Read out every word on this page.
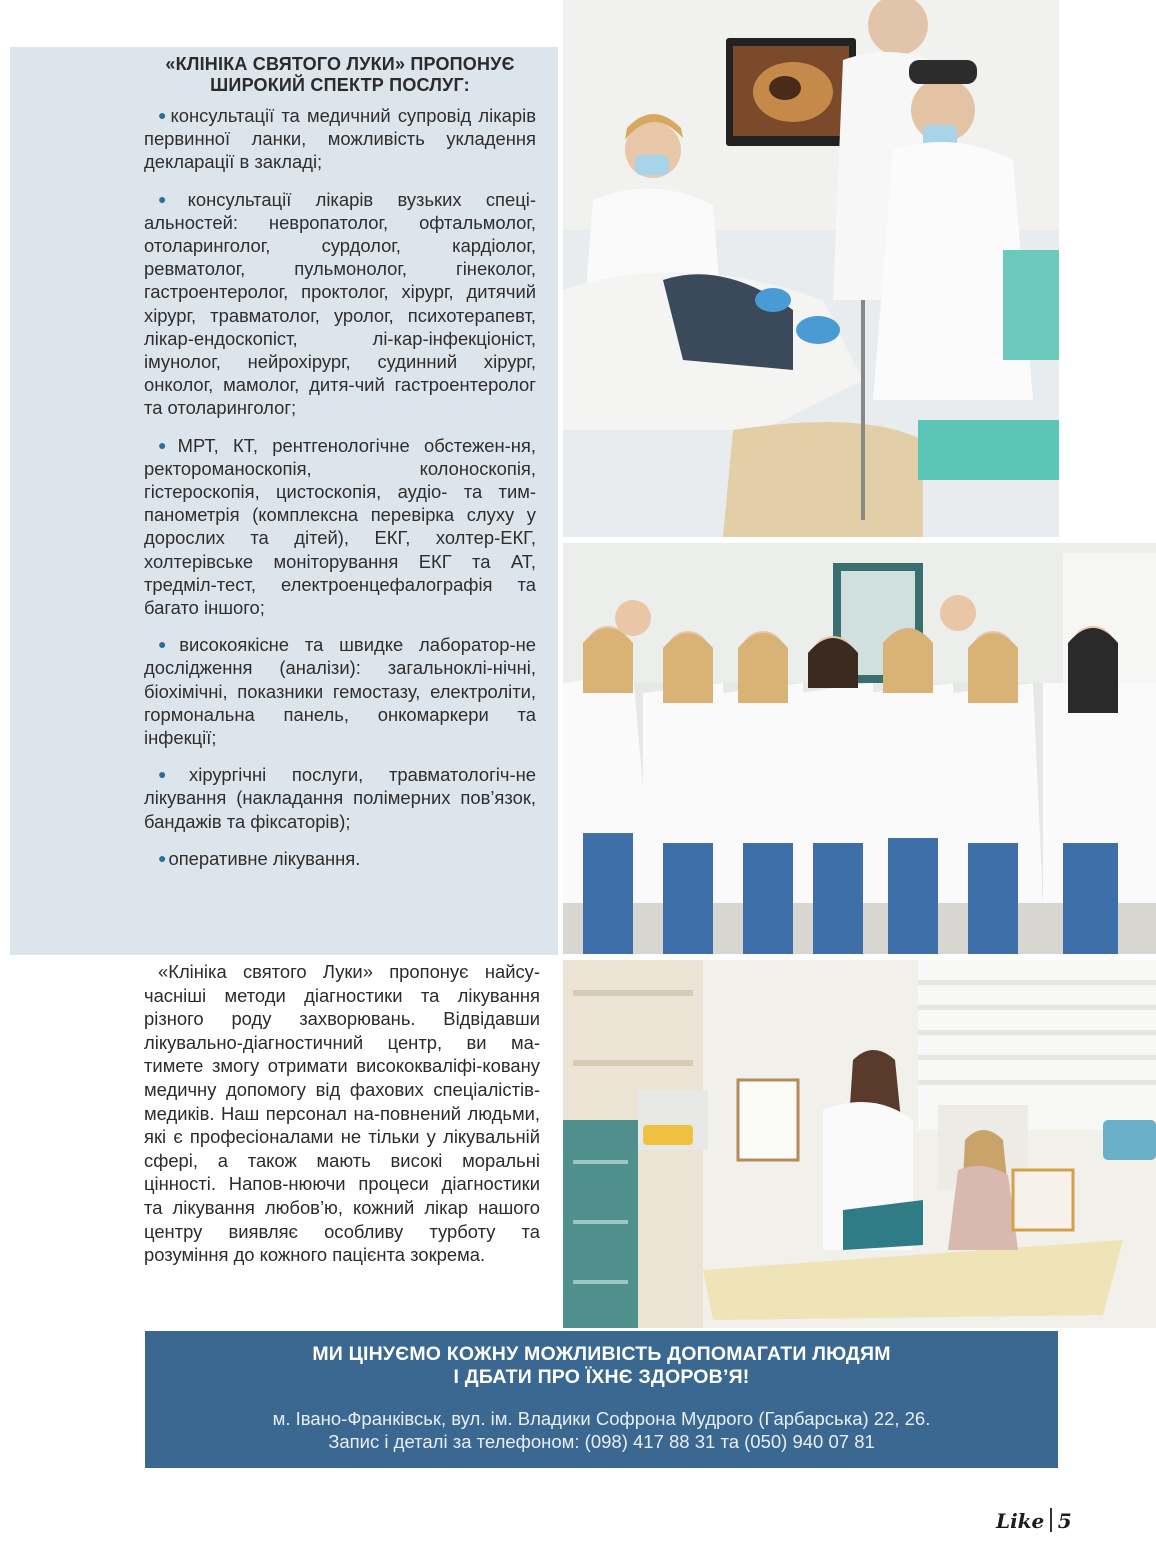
«КЛІНІКА СВЯТОГО ЛУКИ» ПРОПОНУЄ
ШИРОКИЙ СПЕКТР ПОСЛУГ:
● консультації та медичний супровід лікарів первинної ланки, можливість укладення декларації в закладі;
● консультації лікарів вузьких спеці-альностей: невропатолог, офтальмолог, отоларинголог, сурдолог, кардіолог, ревматолог, пульмонолог, гінеколог, гастроентеролог, проктолог, хірург, дитячий хірург, травматолог, уролог, психотерапевт, лікар-ендоскопіст, лі-кар-інфекціоніст, імунолог, нейрохірург, судинний хірург, онколог, мамолог, дитя-чий гастроентеролог та отоларинголог;
● МРТ, КТ, рентгенологічне обстежен-ня, ректороманоскопія, колоноскопія, гістероскопія, цистоскопія, аудіо- та тим-панометрія (комплексна перевірка слуху у дорослих та дітей), ЕКГ, холтер-ЕКГ, холтерівське моніторування ЕКГ та АТ, тредміл-тест, електроенцефалографія та багато іншого;
● високоякісне та швидке лаборатор-не дослідження (аналізи): загальноклі-нічні, біохімічні, показники гемостазу, електроліти, гормональна панель, онкомаркери та інфекції;
● хірургічні послуги, травматологіч-не лікування (накладання полімерних пов’язок, бандажів та фіксаторів);
● оперативне лікування.

«Клініка святого Луки» пропонує найсу-часніші методи діагностики та лікування різного роду захворювань. Відвідавши лікувально-діагностичний центр, ви ма-тимете змогу отримати висококваліфі-ковану медичну допомогу від фахових спеціалістів-медиків. Наш персонал на-повнений людьми, які є професіоналами не тільки у лікувальній сфері, а також мають високі моральні цінності. Напов-нюючи процеси діагностики та лікування любов’ю, кожний лікар нашого центру виявляє особливу турботу та розуміння до кожного пацієнта зокрема.

МИ ЦІНУЄМО КОЖНУ МОЖЛИВІСТЬ ДОПОМАГАТИ ЛЮДЯМ
І ДБАТИ ПРО ЇХНЄ ЗДОРОВ’Я!

м. Івано-Франківськ, вул. ім. Владики Софрона Мудрого (Гарбарська) 22, 26.
Запис і деталі за телефоном: (098) 417 88 31 та (050) 940 07 81
Like 5
